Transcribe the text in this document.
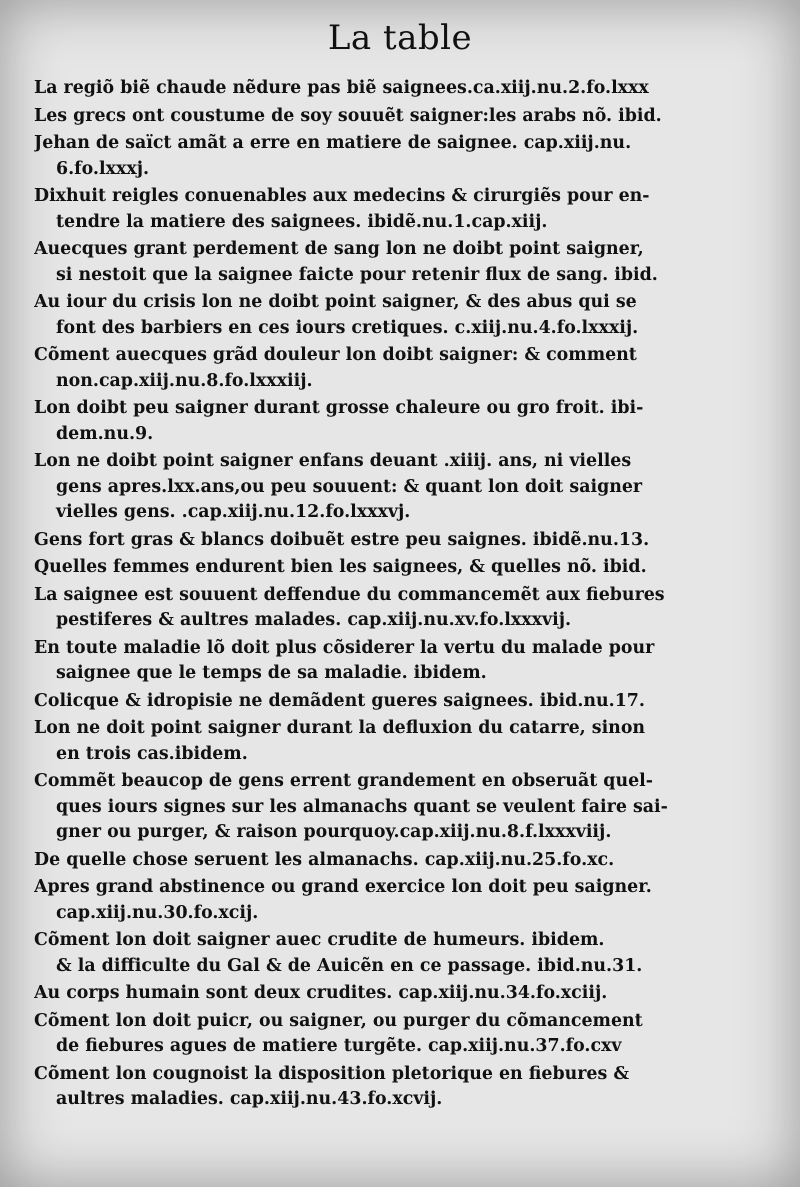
La table
La regiõ biẽ chaude nẽdure pas biẽ saignees.ca.xiij.nu.2.fo.lxxx
Les grecs ont coustume de soy souuẽt saigner:les arabs nõ. ibid.
Jehan de saïct amãt a erre en matiere de saignee. cap.xiij.nu.
6.fo.lxxxj.
Dixhuit reigles conuenables aux medecins & cirurgiẽs pour en-
tendre la matiere des saignees. ibidẽ.nu.1.cap.xiij.
Auecques grant perdement de sang lon ne doibt point saigner,
si nestoit que la saignee faicte pour retenir flux de sang. ibid.
Au iour du crisis lon ne doibt point saigner, & des abus qui se
font des barbiers en ces iours cretiques. c.xiij.nu.4.fo.lxxxij.
Cõment auecques grãd douleur lon doibt saigner: & comment
non.cap.xiij.nu.8.fo.lxxxiij.
Lon doibt peu saigner durant grosse chaleure ou gro froit. ibi-
dem.nu.9.
Lon ne doibt point saigner enfans deuant .xiiij. ans, ni vielles
gens apres.lxx.ans,ou peu souuent: & quant lon doit saigner
vielles gens. .cap.xiij.nu.12.fo.lxxxvj.
Gens fort gras & blancs doibuẽt estre peu saignes. ibidẽ.nu.13.
Quelles femmes endurent bien les saignees, & quelles nõ. ibid.
La saignee est souuent deffendue du commancemẽt aux fiebures
pestiferes & aultres malades. cap.xiij.nu.xv.fo.lxxxvij.
En toute maladie lõ doit plus cõsiderer la vertu du malade pour
saignee que le temps de sa maladie. ibidem.
Colicque & idropisie ne demãdent gueres saignees. ibid.nu.17.
Lon ne doit point saigner durant la defluxion du catarre, sinon
en trois cas.ibidem.
Commẽt beaucop de gens errent grandement en obseruãt quel-
ques iours signes sur les almanachs quant se veulent faire sai-
gner ou purger, & raison pourquoy.cap.xiij.nu.8.f.lxxxviij.
De quelle chose seruent les almanachs. cap.xiij.nu.25.fo.xc.
Apres grand abstinence ou grand exercice lon doit peu saigner.
cap.xiij.nu.30.fo.xcij.
Cõment lon doit saigner auec crudite de humeurs. ibidem.
& la difficulte du Gal & de Auicẽn en ce passage. ibid.nu.31.
Au corps humain sont deux crudites. cap.xiij.nu.34.fo.xciij.
Cõment lon doit puicr, ou saigner, ou purger du cõmancement
de fiebures agues de matiere turgẽte. cap.xiij.nu.37.fo.cxv
Cõment lon cougnoist la disposition pletorique en fiebures &
aultres maladies. cap.xiij.nu.43.fo.xcvij.
